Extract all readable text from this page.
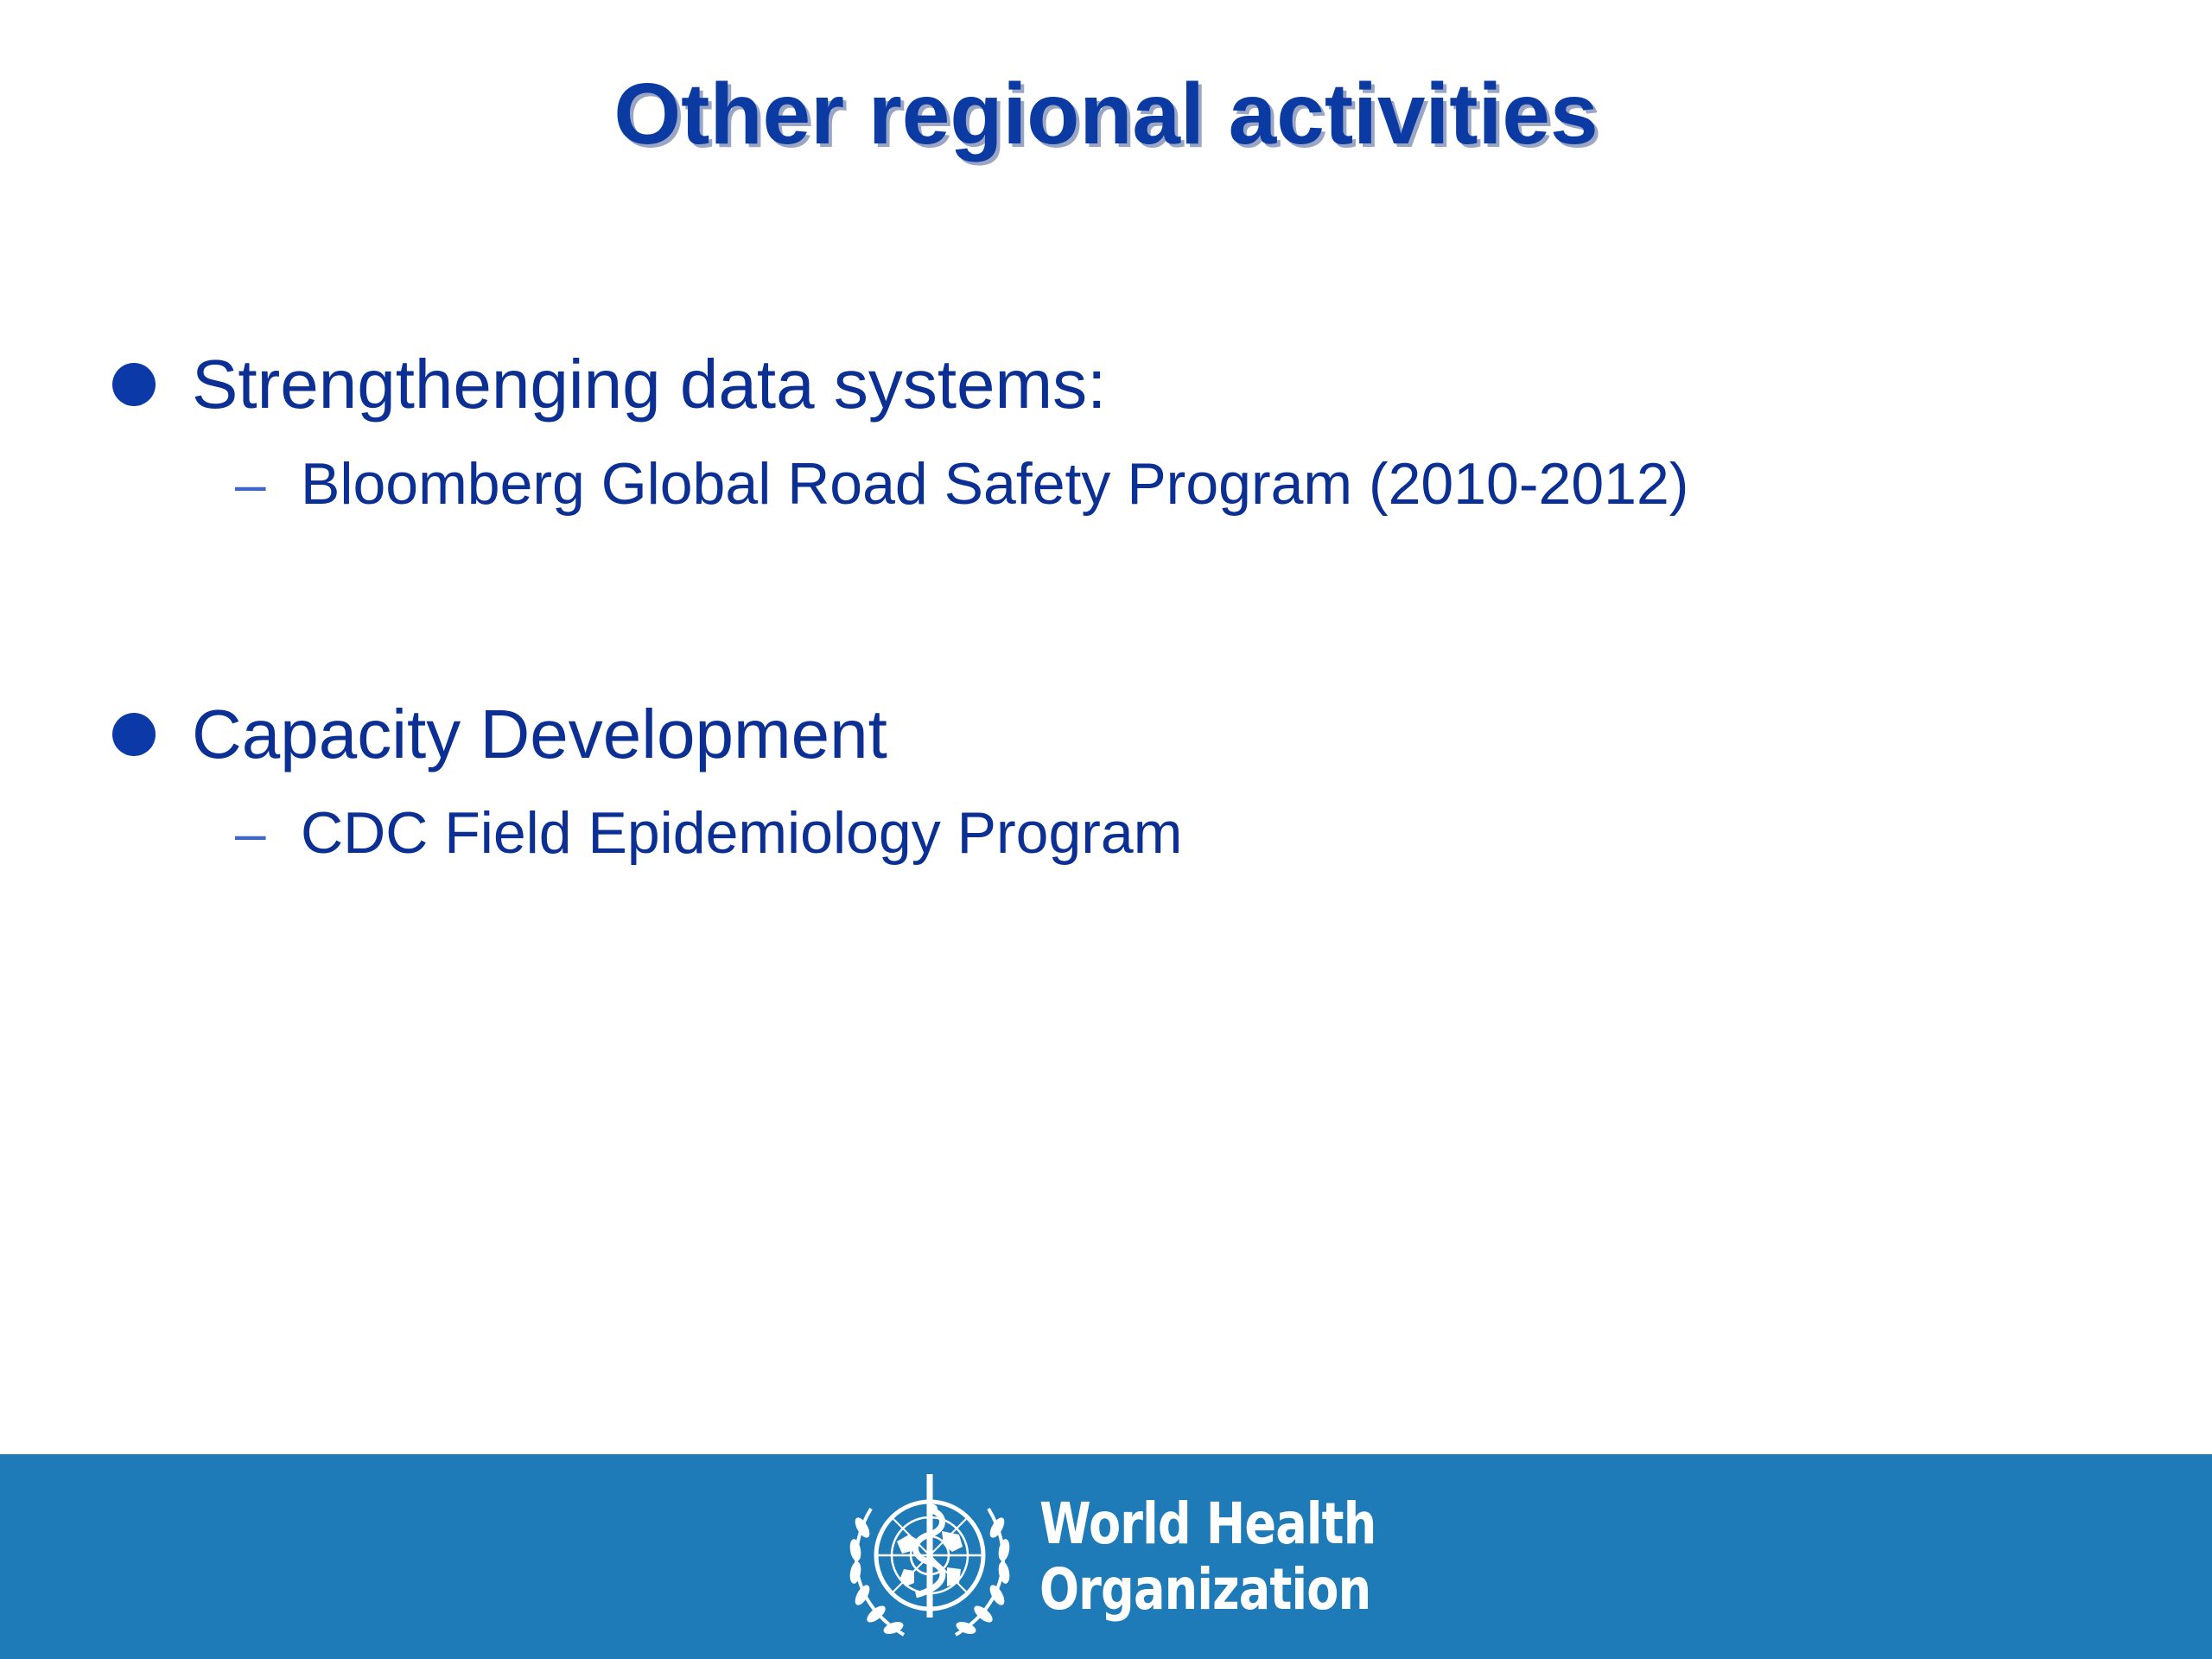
Other regional activities
Strengthenging data systems:
– Bloomberg Global Road Safety Program (2010-2012)
Capacity Development
– CDC Field Epidemiology Program
World Health
Organization
